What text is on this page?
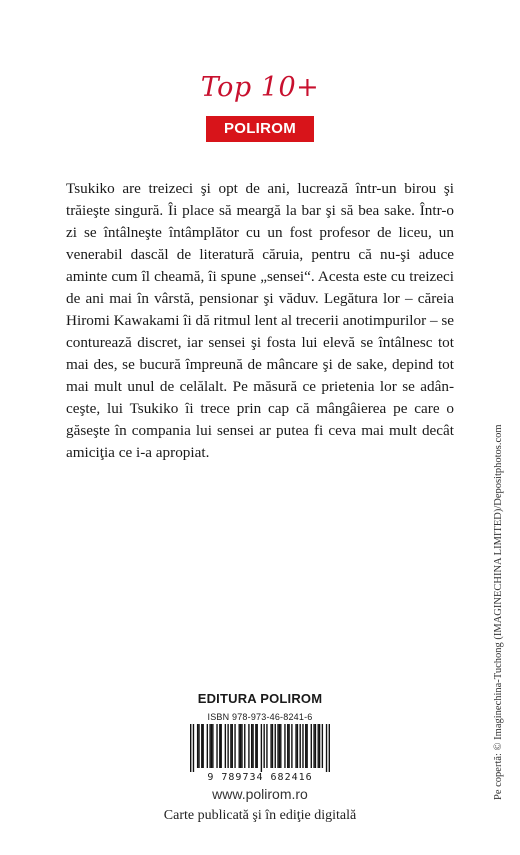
Top 10+
POLIROM
Tsukiko are treizeci şi opt de ani, lucrează într-un birou şi trăieşte singură. Îi place să meargă la bar şi să bea sake. Într-o zi se întâlneşte întâmplător cu un fost profesor de liceu, un venerabil dascăl de literatură căruia, pentru că nu-şi aduce aminte cum îl cheamă, îi spune „sensei“. Acesta este cu treizeci de ani mai în vârstă, pensionar şi văduv. Legătura lor – căreia Hiromi Kawakami îi dă ritmul lent al trecerii anotimpurilor – se conturează discret, iar sensei şi fosta lui elevă se întâlnesc tot mai des, se bucură împreună de mâncare şi de sake, depind tot mai mult unul de celălalt. Pe măsură ce prietenia lor se adânceşte, lui Tsukiko îi trece prin cap că mângâierea pe care o găseşte în compania lui sensei ar putea fi ceva mai mult decât amiciţia ce i-a apropiat.
EDITURA POLIROM
ISBN 978-973-46-8241-6
9 789734 682416
www.polirom.ro
Carte publicată şi în ediţie digitală
Pe copertă: © Imaginechina-Tuchong (IMAGINECHINA LIMITED)/Depositphotos.com
